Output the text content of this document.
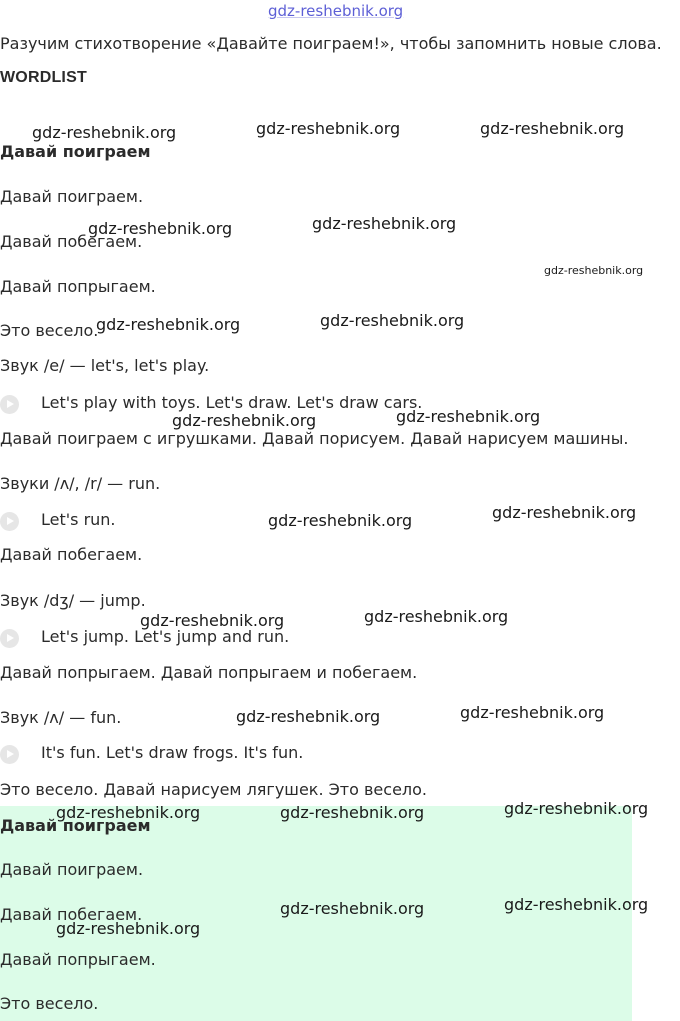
gdz-reshebnik.org
Разучим стихотворение «Давайте поиграем!», чтобы запомнить новые слова.
WORDLIST
Давай поиграем
Давай поиграем.
Давай побегаем.
Давай попрыгаем.
Это весело.
Звук /e/ — let's, let's play.
Let's play with toys. Let's draw. Let's draw cars.
Давай поиграем с игрушками. Давай порисуем. Давай нарисуем машины.
Звуки /ʌ/, /r/ — run.
Let's run.
Давай побегаем.
Звук /dʒ/ — jump.
Let's jump. Let's jump and run.
Давай попрыгаем. Давай попрыгаем и побегаем.
Звук /ʌ/ — fun.
It's fun. Let's draw frogs. It's fun.
Это весело. Давай нарисуем лягушек. Это весело.
Давай поиграем
Давай поиграем.
Давай побегаем.
Давай попрыгаем.
Это весело.
gdz-reshebnik.org	gdz-reshebnik.org	gdz-reshebnik.org
gdz-reshebnik.org	gdz-reshebnik.org
gdz-reshebnik.org
gdz-reshebnik.org	gdz-reshebnik.org
gdz-reshebnik.org	gdz-reshebnik.org
gdz-reshebnik.org	gdz-reshebnik.org
gdz-reshebnik.org	gdz-reshebnik.org
gdz-reshebnik.org	gdz-reshebnik.org
gdz-reshebnik.org	gdz-reshebnik.org	gdz-reshebnik.org
gdz-reshebnik.org	gdz-reshebnik.org
gdz-reshebnik.org
